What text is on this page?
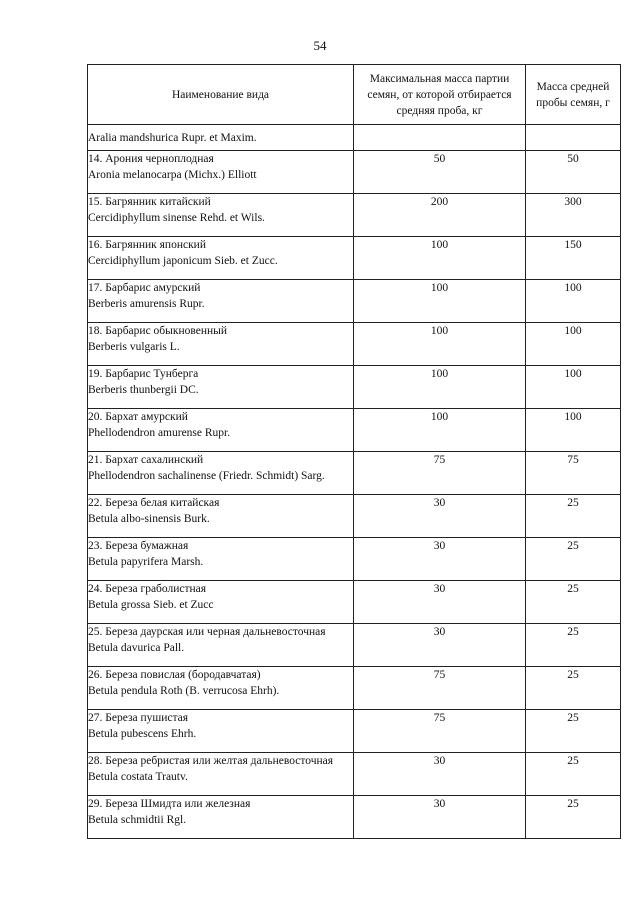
54
Наименование вида	Максимальная масса партии
семян, от которой отбирается
средняя проба, кг	Масса средней
пробы семян, г

Aralia mandshurica Rupr. et Maxim.		

14. Арония черноплодная
Aronia melanocarpa (Michx.) Elliott	50	50

15. Багрянник китайский
Cercidiphyllum sinense Rehd. et Wils.	200	300

16. Багрянник японский
Cercidiphyllum japonicum Sieb. et Zucc.	100	150

17. Барбарис амурский
Berberis amurensis Rupr.	100	100

18. Барбарис обыкновенный
Berberis vulgaris L.	100	100

19. Барбарис Тунберга
Berberis thunbergii DC.	100	100

20. Бархат амурский
Phellodendron amurense Rupr.	100	100

21. Бархат сахалинский
Phellodendron sachalinense (Friedr. Schmidt) Sarg.	75	75

22. Береза белая китайская
Betula albo-sinensis Burk.	30	25

23. Береза бумажная
Betula papyrifera Marsh.	30	25

24. Береза граболистная
Betula grossa Sieb. et Zucc	30	25

25. Береза даурская или черная дальневосточная
Betula davurica Pall.	30	25

26. Береза повислая (бородавчатая)
Betula pendula Roth (B. verrucosa Ehrh).	75	25

27. Береза пушистая
Betula pubescens Ehrh.	75	25

28. Береза ребристая или желтая дальневосточная
Betula costata Trautv.	30	25

29. Береза Шмидта или железная
Betula schmidtii Rgl.	30	25
